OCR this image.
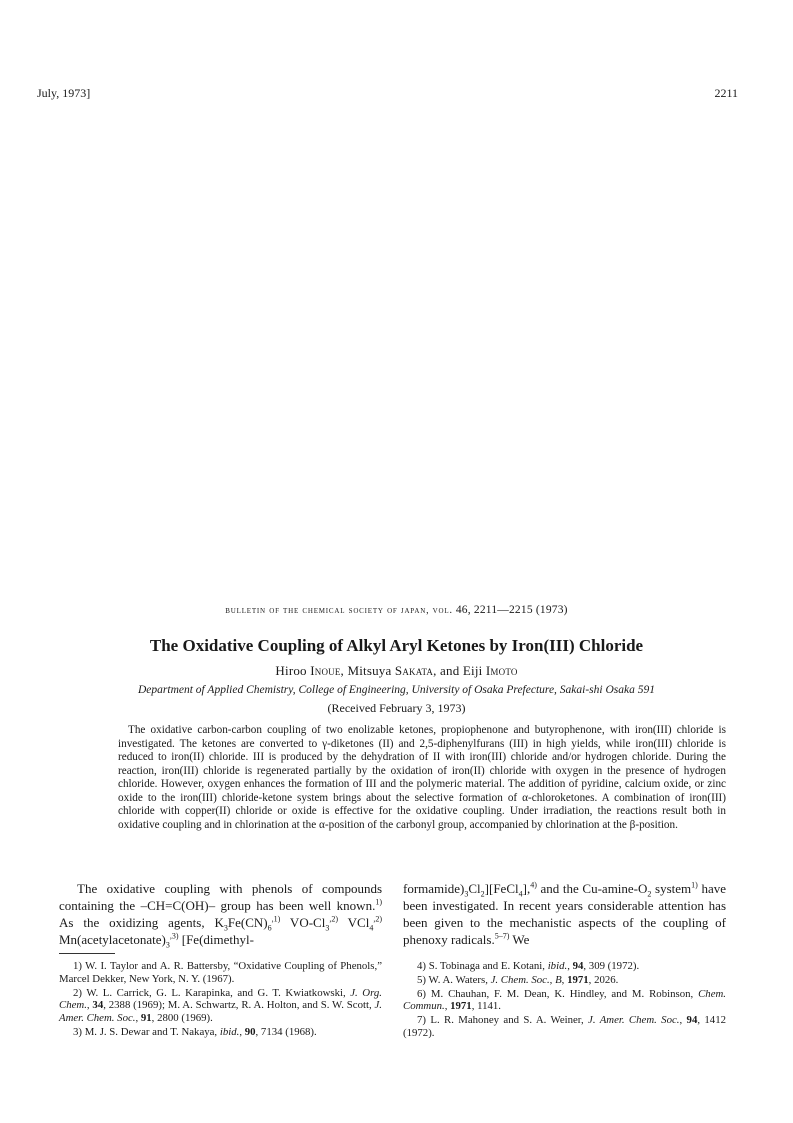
July, 1973]	2211
bulletin of the chemical society of japan, vol. 46, 2211—2215 (1973)
The Oxidative Coupling of Alkyl Aryl Ketones by Iron(III) Chloride
Hiroo Inoue, Mitsuya Sakata, and Eiji Imoto
Department of Applied Chemistry, College of Engineering, University of Osaka Prefecture, Sakai-shi Osaka 591
(Received February 3, 1973)
The oxidative carbon-carbon coupling of two enolizable ketones, propiophenone and butyrophenone, with iron(III) chloride is investigated. The ketones are converted to γ-diketones (II) and 2,5-diphenylfurans (III) in high yields, while iron(III) chloride is reduced to iron(II) chloride. III is produced by the dehydration of II with iron(III) chloride and/or hydrogen chloride. During the reaction, iron(III) chloride is regenerated partially by the oxidation of iron(II) chloride with oxygen in the presence of hydrogen chloride. However, oxygen enhances the formation of III and the polymeric material. The addition of pyridine, calcium oxide, or zinc oxide to the iron(III) chloride-ketone system brings about the selective formation of α-chloroketones. A combination of iron(III) chloride with copper(II) chloride or oxide is effective for the oxidative coupling. Under irradiation, the reactions result both in oxidative coupling and in chlorination at the α-position of the carbonyl group, accompanied by chlorination at the β-position.
The oxidative coupling with phenols of compounds containing the –CH=C(OH)– group has been well known.$^{1)}$ As the oxidizing agents, $K_3Fe(CN)_6^{,1)}$ $VO-Cl_3^{,2)}$ VCl$_4^{,2)}$ $Mn(acetylacetonate)_3^{,3)}$ [Fe(dimethyl-
$formamide)_3Cl_2][FeCl_4],^{4)}$ and the $Cu-amine-O_2$ system$^{1)}$ have been investigated. In recent years considerable attention has been given to the mechanistic aspects of the coupling of phenoxy radicals.$^{5-7)}$ We

1) W. I. Taylor and A. R. Battersby, “Oxidative Coupling of Phenols,” Marcel Dekker, New York, N. Y. (1967).

2) W. L. Carrick, G. L. Karapinka, and G. T. Kwiatkowski, J. Org. Chem., 34, 2388 (1969); M. A. Schwartz, R. A. Holton, and S. W. Scott, J. Amer. Chem. Soc., 91, 2800 (1969).

3) M. J. S. Dewar and T. Nakaya, ibid., 90, 7134 (1968).

4) S. Tobinaga and E. Kotani, ibid., 94, 309 (1972).

5) W. A. Waters, J. Chem. Soc., B, 1971, 2026.

6) M. Chauhan, F. M. Dean, K. Hindley, and M. Robinson, Chem. Commun., 1971, 1141.

7) L. R. Mahoney and S. A. Weiner, J. Amer. Chem. Soc., 94, 1412 (1972).
